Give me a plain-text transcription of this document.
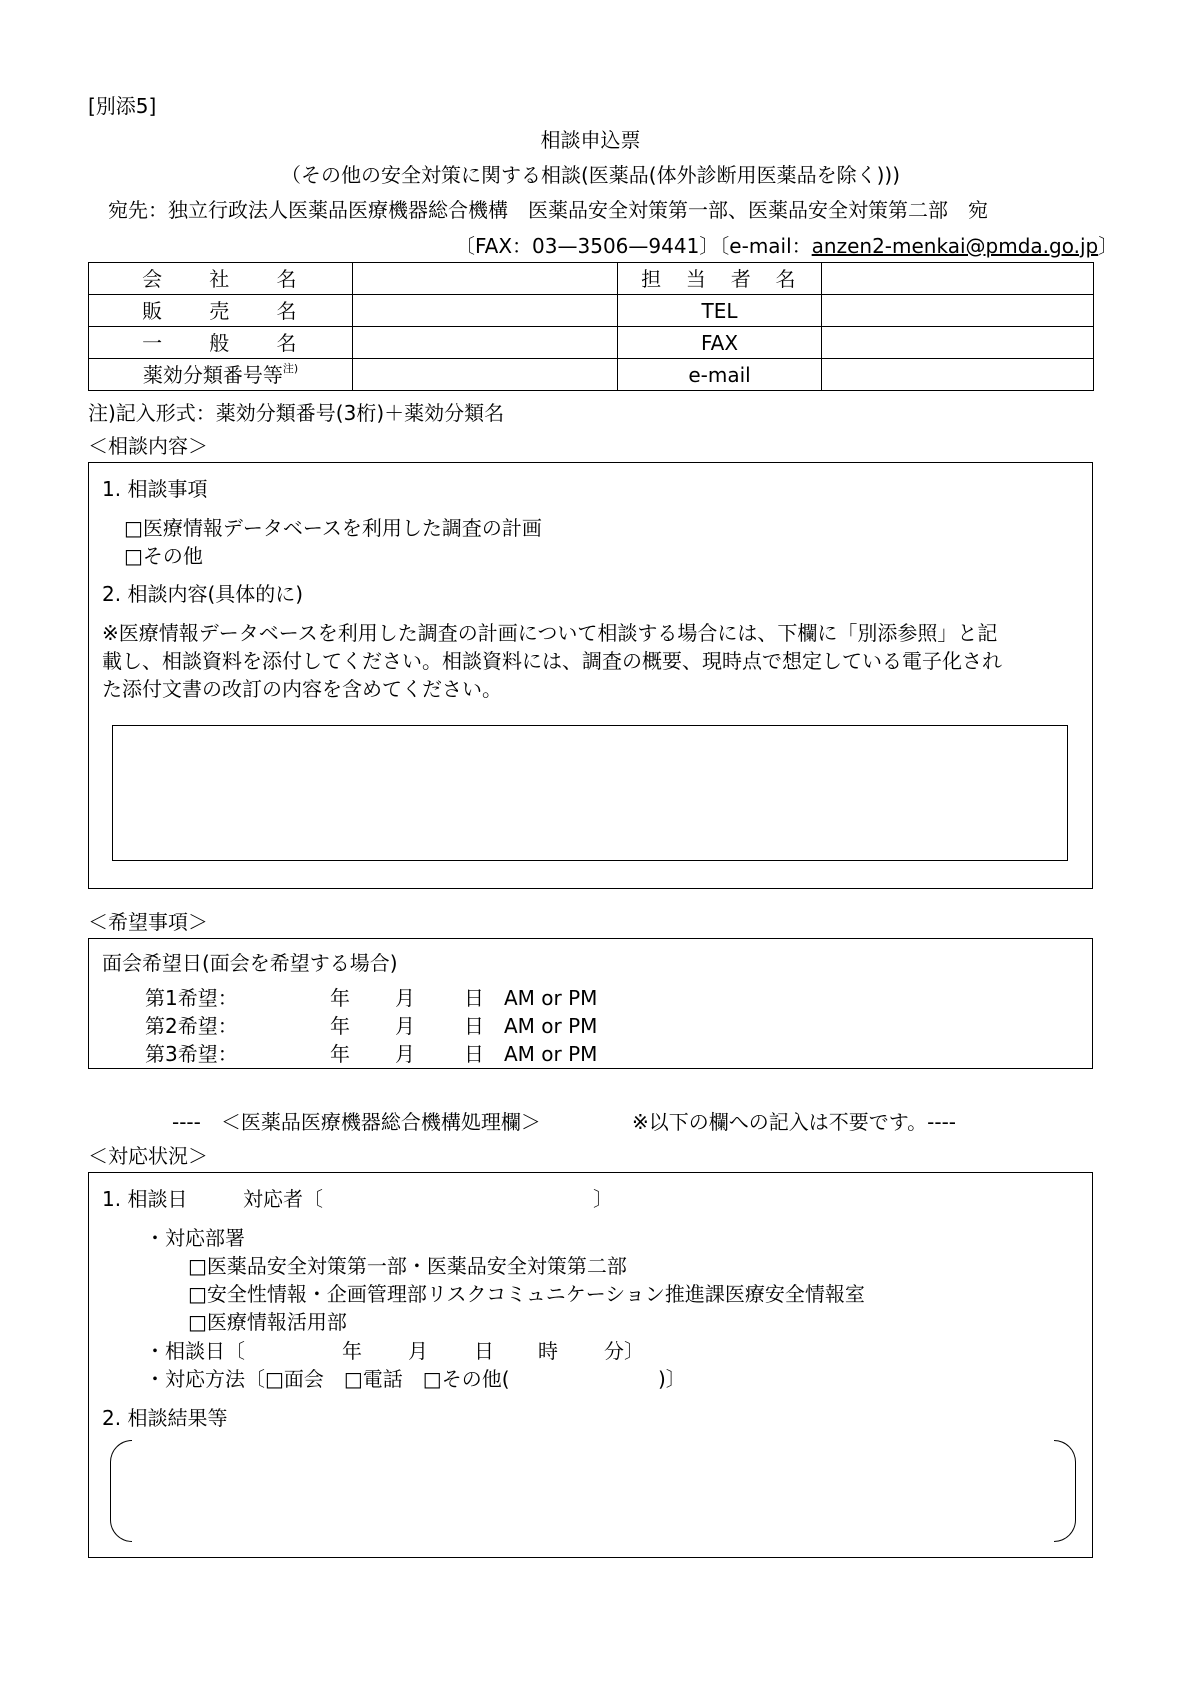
[別添5]
相談申込票
（その他の安全対策に関する相談(医薬品(体外診断用医薬品を除く)))
宛先：独立行政法人医薬品医療機器総合機構　医薬品安全対策第一部、医薬品安全対策第二部　宛
〔FAX：03—3506—9441〕〔e-mail：anzen2-menkai@pmda.go.jp〕
会　　社　　名		担　当　者　名	
販　　売　　名		TEL	
一　　般　　名		FAX	
薬効分類番号等$^{注)}$		e-mail	
注)記入形式：薬効分類番号(3桁)＋薬効分類名
＜相談内容＞
1. 相談事項
□医療情報データベースを利用した調査の計画
□その他
2. 相談内容(具体的に)
※医療情報データベースを利用した調査の計画について相談する場合には、下欄に「別添参照」と記
載し、相談資料を添付してください。相談資料には、調査の概要、現時点で想定している電子化され
た添付文書の改訂の内容を含めてください。
＜希望事項＞
面会希望日(面会を希望する場合)
第1希望：	年 月 日 AM or PM
第2希望：	年 月 日 AM or PM
第3希望：	年 月 日 AM or PM
----　＜医薬品医療機器総合機構処理欄＞	※以下の欄への記入は不要です。----
＜対応状況＞
1. 相談日	対応者〔	〕
・対応部署
□医薬品安全対策第一部・医薬品安全対策第二部
□安全性情報・企画管理部リスクコミュニケーション推進課医療安全情報室
□医療情報活用部
・相談日〔	年 月 日 時 分〕
・対応方法〔□面会　□電話　□その他(	)〕
2. 相談結果等
